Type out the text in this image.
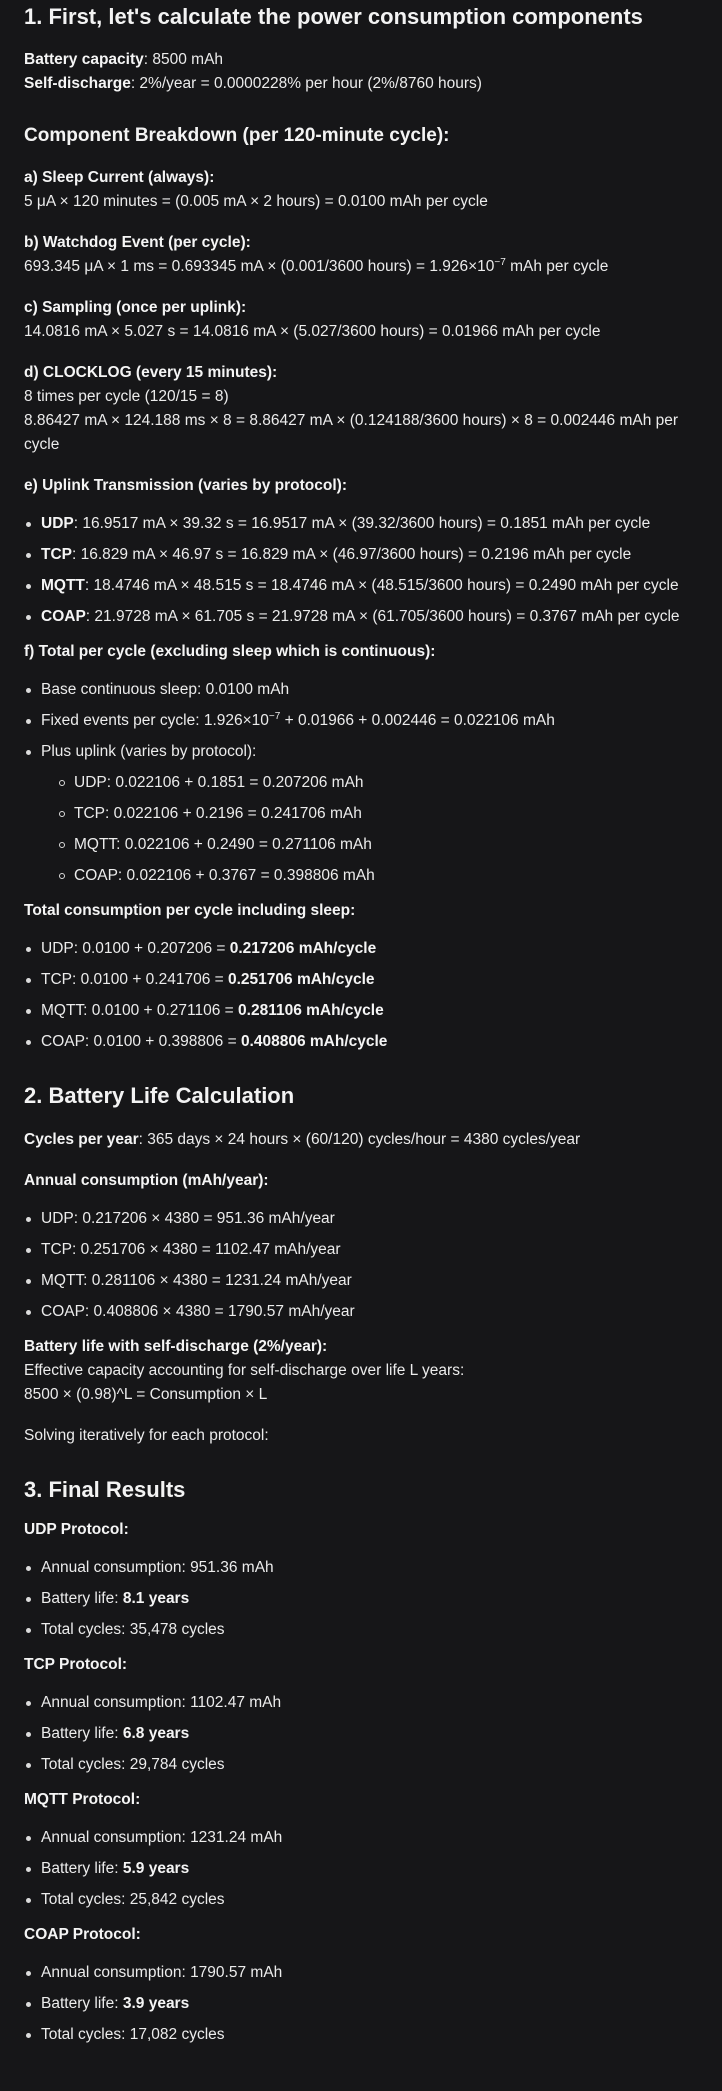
1. First, let's calculate the power consumption components

Battery capacity: 8500 mAh

Self-discharge: 2%/year = 0.0000228% per hour (2%/8760 hours)

Component Breakdown (per 120-minute cycle):

a) Sleep Current (always):

5 μA × 120 minutes = (0.005 mA × 2 hours) = 0.0100 mAh per cycle

b) Watchdog Event (per cycle):

693.345 μA × 1 ms = 0.693345 mA × (0.001/3600 hours) = $1.926\times 10^{-7}$ mAh per cycle

c) Sampling (once per uplink):

14.0816 mA × 5.027 s = 14.0816 mA × (5.027/3600 hours) = 0.01966 mAh per cycle

d) CLOCKLOG (every 15 minutes):

8 times per cycle (120/15 = 8)

8.86427 mA × 124.188 ms × 8 = 8.86427 mA × (0.124188/3600 hours) × 8 = 0.002446 mAh per cycle

e) Uplink Transmission (varies by protocol):

UDP: 16.9517 mA × 39.32 s = 16.9517 mA × (39.32/3600 hours) = 0.1851 mAh per cycle
TCP: 16.829 mA × 46.97 s = 16.829 mA × (46.97/3600 hours) = 0.2196 mAh per cycle
MQTT: 18.4746 mA × 48.515 s = 18.4746 mA × (48.515/3600 hours) = 0.2490 mAh per cycle
COAP: 21.9728 mA × 61.705 s = 21.9728 mA × (61.705/3600 hours) = 0.3767 mAh per cycle

f) Total per cycle (excluding sleep which is continuous):

Base continuous sleep: 0.0100 mAh
Fixed events per cycle: $1.926\times 10^{-7} + 0.01966 + 0.002446 = 0.022106$ mAh
Plus uplink (varies by protocol):
UDP: 0.022106 + 0.1851 = 0.207206 mAh
TCP: 0.022106 + 0.2196 = 0.241706 mAh
MQTT: 0.022106 + 0.2490 = 0.271106 mAh
COAP: 0.022106 + 0.3767 = 0.398806 mAh

Total consumption per cycle including sleep:

UDP: 0.0100 + 0.207206 = 0.217206 mAh/cycle
TCP: 0.0100 + 0.241706 = 0.251706 mAh/cycle
MQTT: 0.0100 + 0.271106 = 0.281106 mAh/cycle
COAP: 0.0100 + 0.398806 = 0.408806 mAh/cycle
2. Battery Life Calculation

Cycles per year: 365 days × 24 hours × (60/120) cycles/hour = 4380 cycles/year

Annual consumption (mAh/year):

UDP: 0.217206 × 4380 = 951.36 mAh/year
TCP: 0.251706 × 4380 = 1102.47 mAh/year
MQTT: 0.281106 × 4380 = 1231.24 mAh/year
COAP: 0.408806 × 4380 = 1790.57 mAh/year

Battery life with self-discharge (2%/year):

Effective capacity accounting for self-discharge over life L years:

8500 × (0.98)^L = Consumption × L

Solving iteratively for each protocol:

3. Final Results

UDP Protocol:

Annual consumption: 951.36 mAh
Battery life: 8.1 years
Total cycles: 35,478 cycles

TCP Protocol:

Annual consumption: 1102.47 mAh
Battery life: 6.8 years
Total cycles: 29,784 cycles

MQTT Protocol:

Annual consumption: 1231.24 mAh
Battery life: 5.9 years
Total cycles: 25,842 cycles

COAP Protocol:

Annual consumption: 1790.57 mAh
Battery life: 3.9 years
Total cycles: 17,082 cycles
